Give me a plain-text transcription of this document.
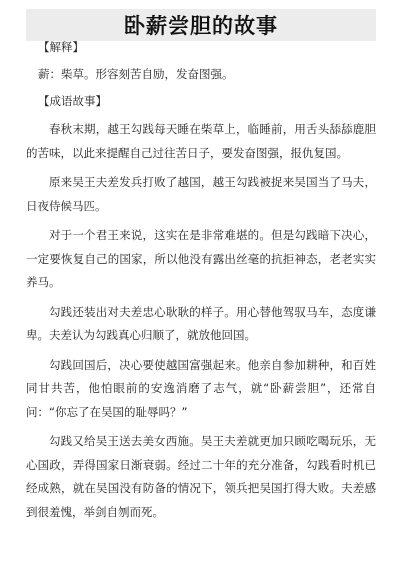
卧薪尝胆的故事

【解释】

薪：柴草。形容刻苦自励，发奋图强。

【成语故事】

春秋末期，越王勾践每天睡在柴草上，临睡前，用舌头舔舔鹿胆的苦味，以此来提醒自己过往苦日子，要发奋图强，报仇复国。

原来吴王夫差发兵打败了越国，越王勾践被捉来吴国当了马夫，日夜侍候马匹。

对于一个君王来说，这实在是非常难堪的。但是勾践暗下决心，一定要恢复自己的国家，所以他没有露出丝毫的抗拒神态，老老实实养马。

勾践还装出对夫差忠心耿耿的样子。用心替他驾驭马车，态度谦卑。夫差认为勾践真心归顺了，就放他回国。

勾践回国后，决心要使越国富强起来。他亲自参加耕种，和百姓同甘共苦，他怕眼前的安逸消磨了志气，就“卧薪尝胆”，还常自问：“你忘了在吴国的耻辱吗？”

勾践又给吴王送去美女西施。吴王夫差就更加只顾吃喝玩乐，无心国政，弄得国家日渐衰弱。经过二十年的充分准备，勾践看时机已经成熟，就在吴国没有防备的情况下，领兵把吴国打得大败。夫差感到很羞愧，举剑自刎而死。
